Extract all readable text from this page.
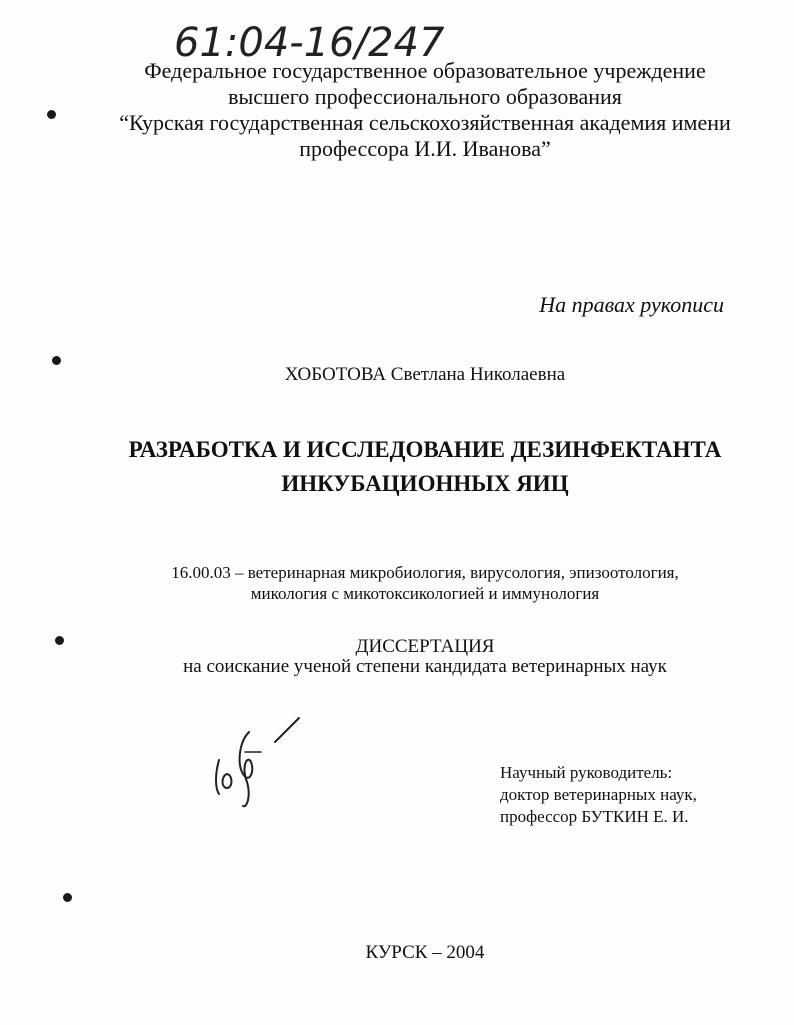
61:04-16/247
Федеральное государственное образовательное учреждение
высшего профессионального образования
“Курская государственная сельскохозяйственная академия имени
профессора И.И. Иванова”
На правах рукописи
ХОБОТОВА Светлана Николаевна
РАЗРАБОТКА И ИССЛЕДОВАНИЕ ДЕЗИНФЕКТАНТА
ИНКУБАЦИОННЫХ ЯИЦ
16.00.03 – ветеринарная микробиология, вирусология, эпизоотология,
микология с микотоксикологией и иммунология
ДИССЕРТАЦИЯ
на соискание ученой степени кандидата ветеринарных наук
Научный руководитель:
доктор ветеринарных наук,
профессор БУТКИН Е. И.
КУРСК – 2004
